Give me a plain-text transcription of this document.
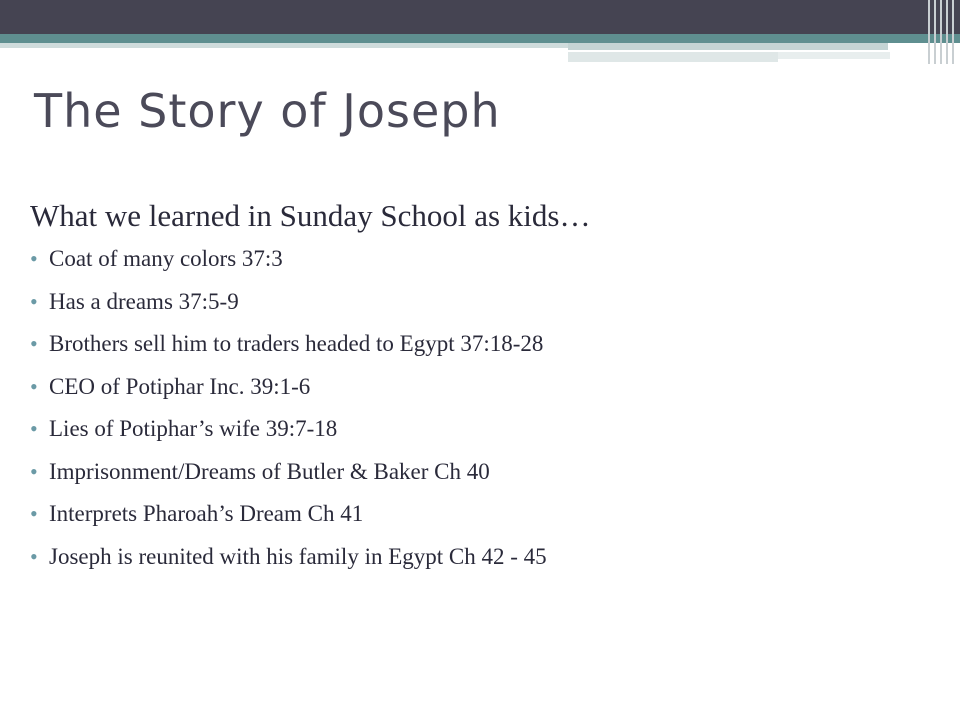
The Story of Joseph

What we learned in Sunday School as kids…

• Coat of many colors 37:3
• Has a dreams 37:5-9
• Brothers sell him to traders headed to Egypt 37:18-28
• CEO of Potiphar Inc. 39:1-6
• Lies of Potiphar’s wife 39:7-18
• Imprisonment/Dreams of Butler & Baker Ch 40
• Interprets Pharoah’s Dream Ch 41
• Joseph is reunited with his family in Egypt Ch 42 - 45
